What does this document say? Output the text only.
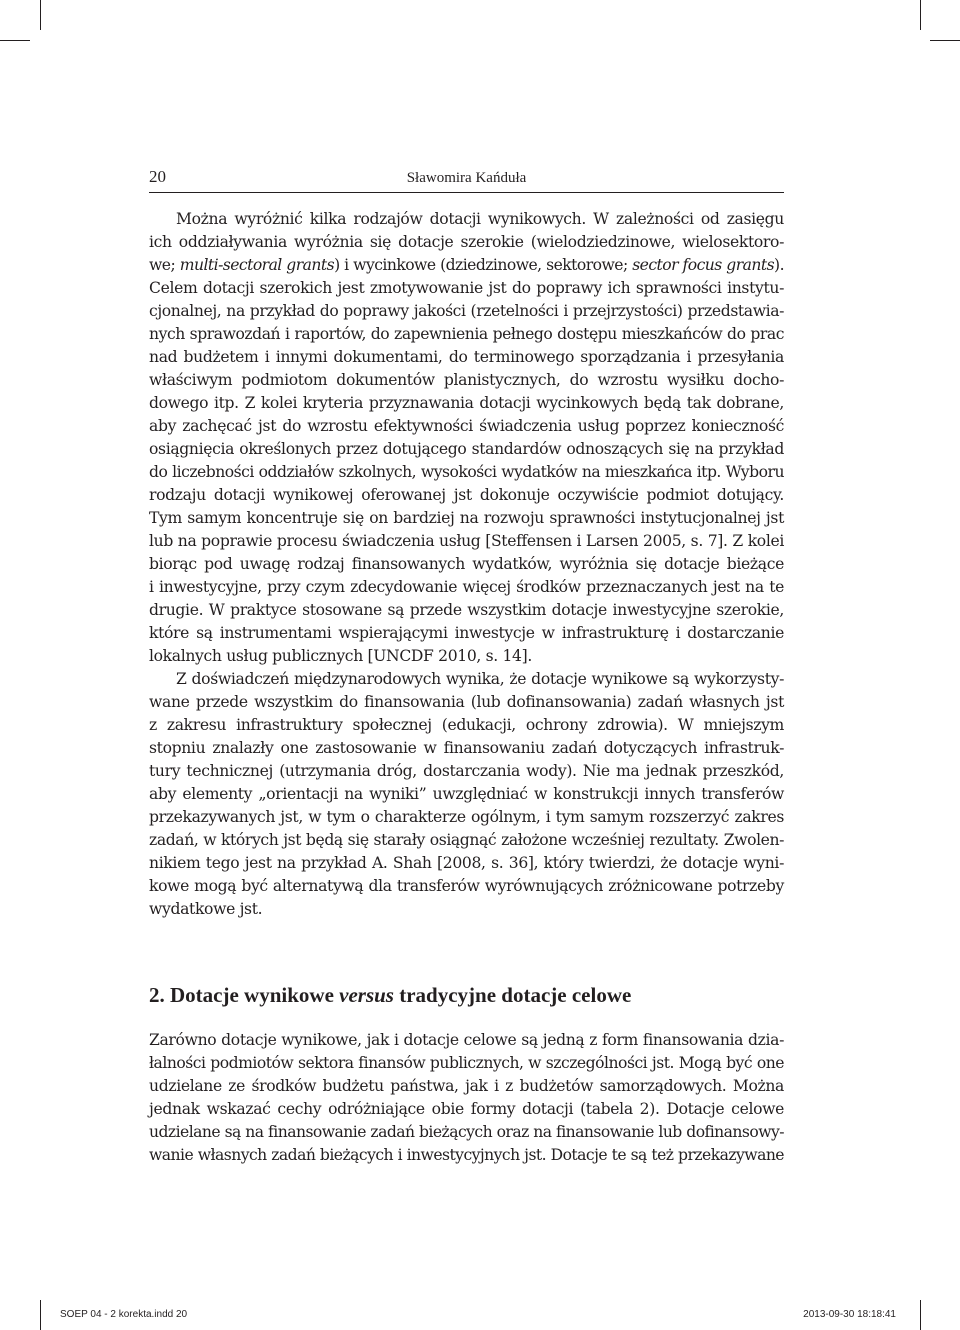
20	Sławomira Kańduła
Można wyróżnić kilka rodzajów dotacji wynikowych. W zależności od zasięgu
ich oddziaływania wyróżnia się dotacje szerokie (wielodziedzinowe, wielosektoro-
we; multi-sectoral grants) i wycinkowe (dziedzinowe, sektorowe; sector focus grants).
Celem dotacji szerokich jest zmotywowanie jst do poprawy ich sprawności instytu-
cjonalnej, na przykład do poprawy jakości (rzetelności i przejrzystości) przedstawia-
nych sprawozdań i raportów, do zapewnienia pełnego dostępu mieszkańców do prac
nad budżetem i innymi dokumentami, do terminowego sporządzania i przesyłania
właściwym podmiotom dokumentów planistycznych, do wzrostu wysiłku docho-
dowego itp. Z kolei kryteria przyznawania dotacji wycinkowych będą tak dobrane,
aby zachęcać jst do wzrostu efektywności świadczenia usług poprzez konieczność
osiągnięcia określonych przez dotującego standardów odnoszących się na przykład
do liczebności oddziałów szkolnych, wysokości wydatków na mieszkańca itp. Wyboru
rodzaju dotacji wynikowej oferowanej jst dokonuje oczywiście podmiot dotujący.
Tym samym koncentruje się on bardziej na rozwoju sprawności instytucjonalnej jst
lub na poprawie procesu świadczenia usług [Steffensen i Larsen 2005, s. 7]. Z kolei
biorąc pod uwagę rodzaj finansowanych wydatków, wyróżnia się dotacje bieżące
i inwestycyjne, przy czym zdecydowanie więcej środków przeznaczanych jest na te
drugie. W praktyce stosowane są przede wszystkim dotacje inwestycyjne szerokie,
które są instrumentami wspierającymi inwestycje w infrastrukturę i dostarczanie
lokalnych usług publicznych [UNCDF 2010, s. 14].
Z doświadczeń międzynarodowych wynika, że dotacje wynikowe są wykorzysty-
wane przede wszystkim do finansowania (lub dofinansowania) zadań własnych jst
z zakresu infrastruktury społecznej (edukacji, ochrony zdrowia). W mniejszym
stopniu znalazły one zastosowanie w finansowaniu zadań dotyczących infrastruk-
tury technicznej (utrzymania dróg, dostarczania wody). Nie ma jednak przeszkód,
aby elementy „orientacji na wyniki” uwzględniać w konstrukcji innych transferów
przekazywanych jst, w tym o charakterze ogólnym, i tym samym rozszerzyć zakres
zadań, w których jst będą się starały osiągnąć założone wcześniej rezultaty. Zwolen-
nikiem tego jest na przykład A. Shah [2008, s. 36], który twierdzi, że dotacje wyni-
kowe mogą być alternatywą dla transferów wyrównujących zróżnicowane potrzeby
wydatkowe jst.
2. Dotacje wynikowe versus tradycyjne dotacje celowe
Zarówno dotacje wynikowe, jak i dotacje celowe są jedną z form finansowania dzia-
łalności podmiotów sektora finansów publicznych, w szczególności jst. Mogą być one
udzielane ze środków budżetu państwa, jak i z budżetów samorządowych. Można
jednak wskazać cechy odróżniające obie formy dotacji (tabela 2). Dotacje celowe
udzielane są na finansowanie zadań bieżących oraz na finansowanie lub dofinansowy-
wanie własnych zadań bieżących i inwestycyjnych jst. Dotacje te są też przekazywane
SOEP 04 - 2 korekta.indd 20	2013-09-30 18:18:41
